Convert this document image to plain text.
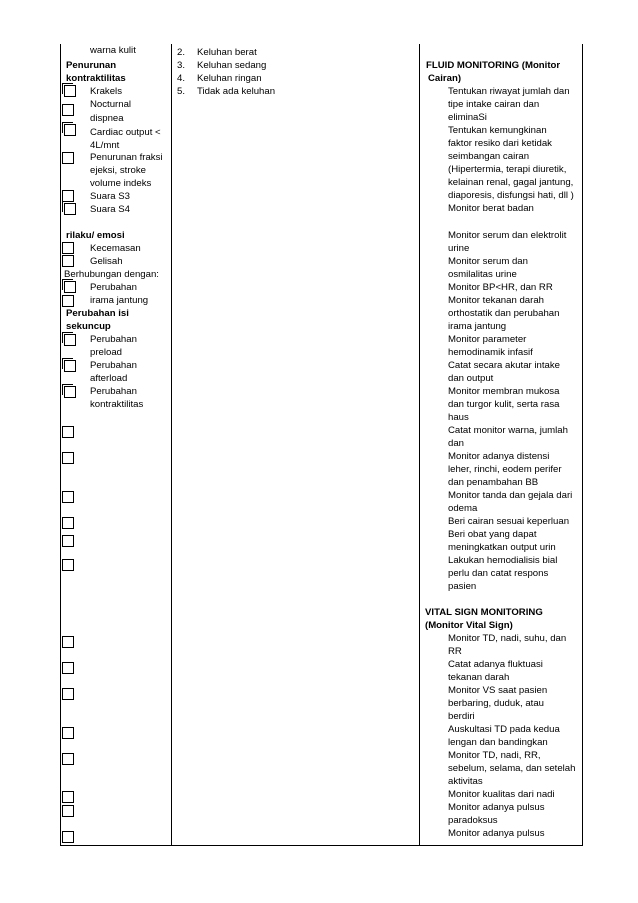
warna kulit
Penurunan
kontraktilitas
Krakels
Nocturnal
dispnea
Cardiac output <
4L/mnt
Penurunan fraksi
ejeksi, stroke
volume indeks
Suara S3
Suara S4
rilaku/ emosi
Kecemasan
Gelisah
Berhubungan dengan:
Perubahan
irama jantung
Perubahan isi
sekuncup
Perubahan
preload
Perubahan
afterload
Perubahan
kontraktilitas
2. Keluhan berat
3. Keluhan sedang
4. Keluhan ringan
5. Tidak ada keluhan
FLUID MONITORING (Monitor
Cairan)
Tentukan riwayat jumlah dan
tipe intake cairan dan
eliminaSi
Tentukan kemungkinan
faktor resiko dari ketidak
seimbangan cairan
(Hipertermia, terapi diuretik,
kelainan renal, gagal jantung,
diaporesis, disfungsi hati, dll )
Monitor berat badan
Monitor serum dan elektrolit
urine
Monitor serum dan
osmilalitas urine
Monitor BP<HR, dan RR
Monitor tekanan darah
orthostatik dan perubahan
irama jantung
Monitor parameter
hemodinamik infasif
Catat secara akutar intake
dan output
Monitor membran mukosa
dan turgor kulit, serta rasa
haus
Catat monitor warna, jumlah
dan
Monitor adanya distensi
leher, rinchi, eodem perifer
dan penambahan BB
Monitor tanda dan gejala dari
odema
Beri cairan sesuai keperluan
Beri obat yang dapat
meningkatkan output urin
Lakukan hemodialisis bial
perlu dan catat respons
pasien
VITAL SIGN MONITORING
(Monitor Vital Sign)
Monitor TD, nadi, suhu, dan
RR
Catat adanya fluktuasi
tekanan darah
Monitor VS saat pasien
berbaring, duduk, atau
berdiri
Auskultasi TD pada kedua
lengan dan bandingkan
Monitor TD, nadi, RR,
sebelum, selama, dan setelah
aktivitas
Monitor kualitas dari nadi
Monitor adanya pulsus
paradoksus
Monitor adanya pulsus
